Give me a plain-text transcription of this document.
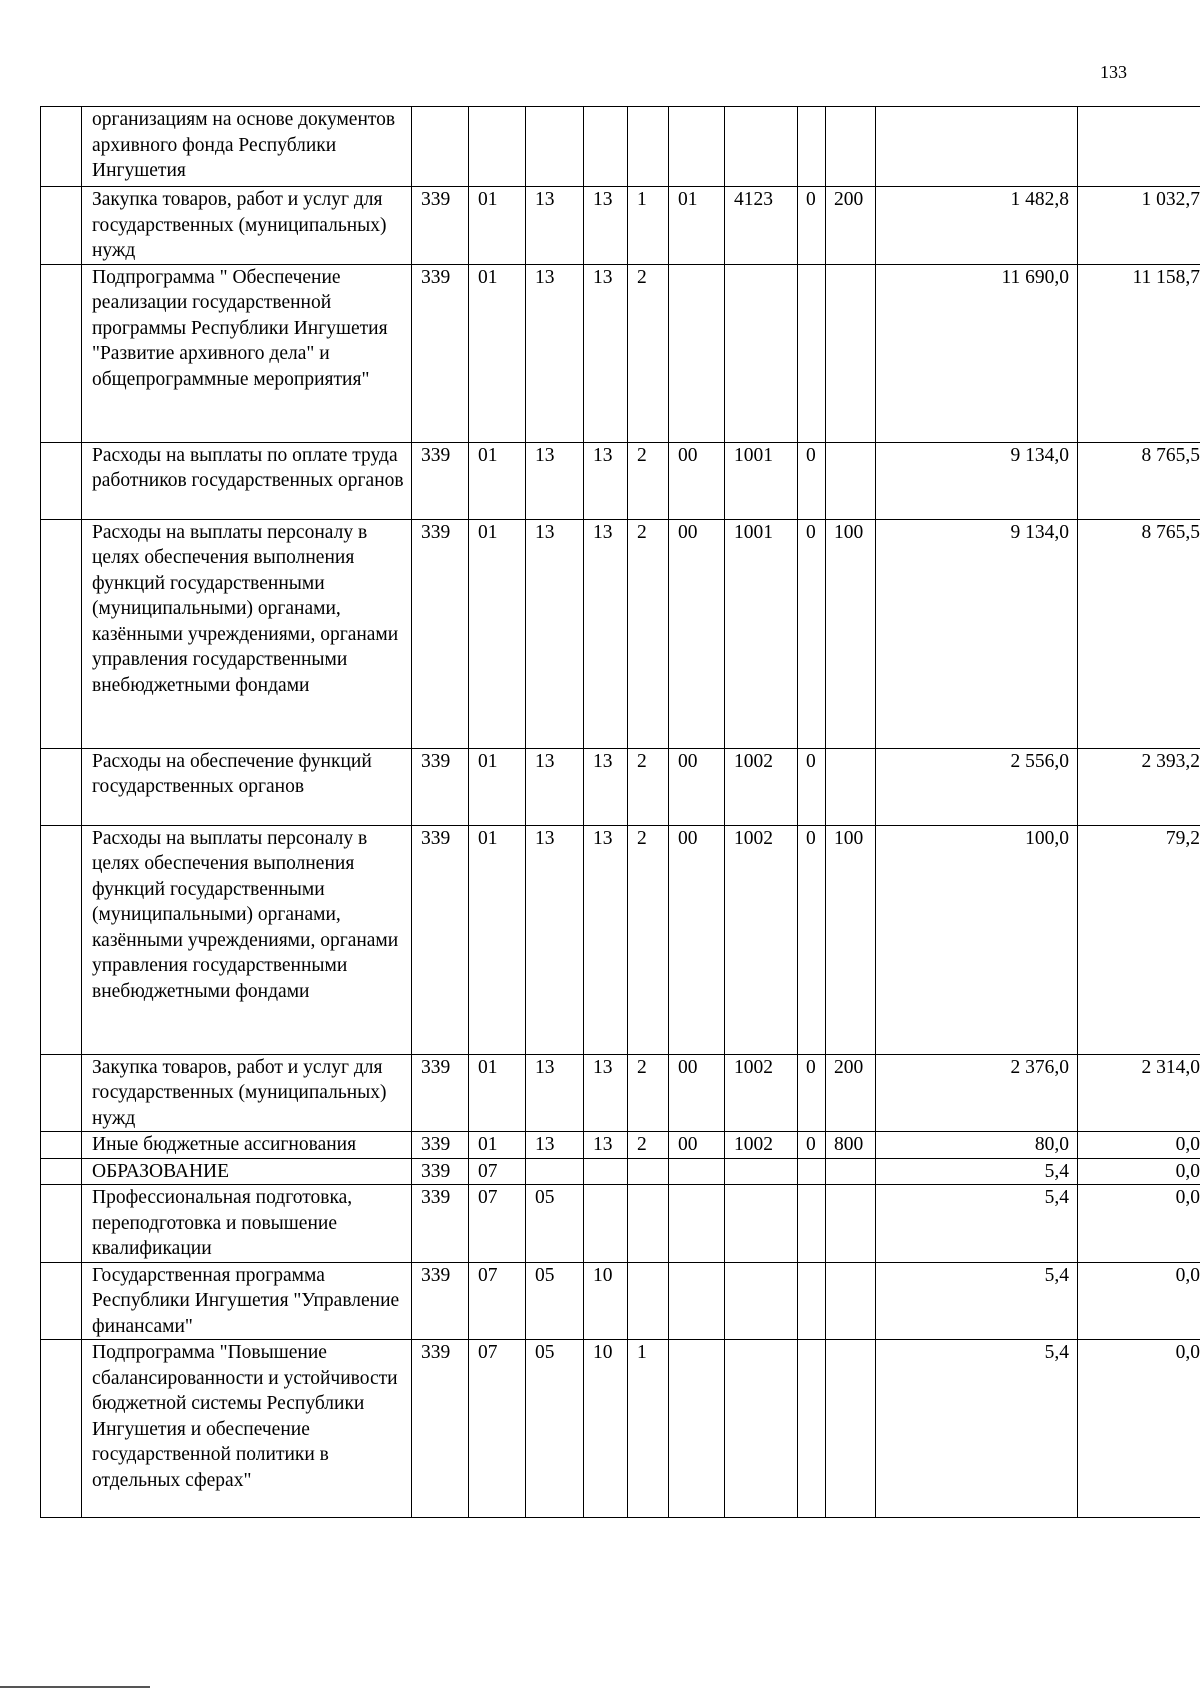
133
	организациям на основе документов архивного фонда Республики Ингушетия											
	Закупка товаров, работ и услуг для государственных (муниципальных) нужд	339	01	13	13	1	01	4123	0	200	1 482,8	1 032,7
	Подпрограмма " Обеспечение реализации государственной программы Республики Ингушетия "Развитие архивного дела" и общепрограммные мероприятия"	339	01	13	13	2					11 690,0	11 158,7
	Расходы на выплаты по оплате труда работников государственных органов	339	01	13	13	2	00	1001	0		9 134,0	8 765,5
	Расходы на выплаты персоналу в целях обеспечения выполнения функций государственными (муниципальными) органами, казёнными учреждениями, органами управления государственными внебюджетными фондами	339	01	13	13	2	00	1001	0	100	9 134,0	8 765,5
	Расходы на обеспечение функций государственных органов	339	01	13	13	2	00	1002	0		2 556,0	2 393,2
	Расходы на выплаты персоналу в целях обеспечения выполнения функций государственными (муниципальными) органами, казёнными учреждениями, органами управления государственными внебюджетными фондами	339	01	13	13	2	00	1002	0	100	100,0	79,2
	Закупка товаров, работ и услуг для государственных (муниципальных) нужд	339	01	13	13	2	00	1002	0	200	2 376,0	2 314,0
	Иные бюджетные ассигнования	339	01	13	13	2	00	1002	0	800	80,0	0,0
	ОБРАЗОВАНИЕ	339	07								5,4	0,0
	Профессиональная подготовка, переподготовка и повышение квалификации	339	07	05							5,4	0,0
	Государственная программа Республики Ингушетия "Управление финансами"	339	07	05	10						5,4	0,0
	Подпрограмма "Повышение сбалансированности и устойчивости бюджетной системы Республики Ингушетия и обеспечение государственной политики в отдельных сферах"	339	07	05	10	1					5,4	0,0
